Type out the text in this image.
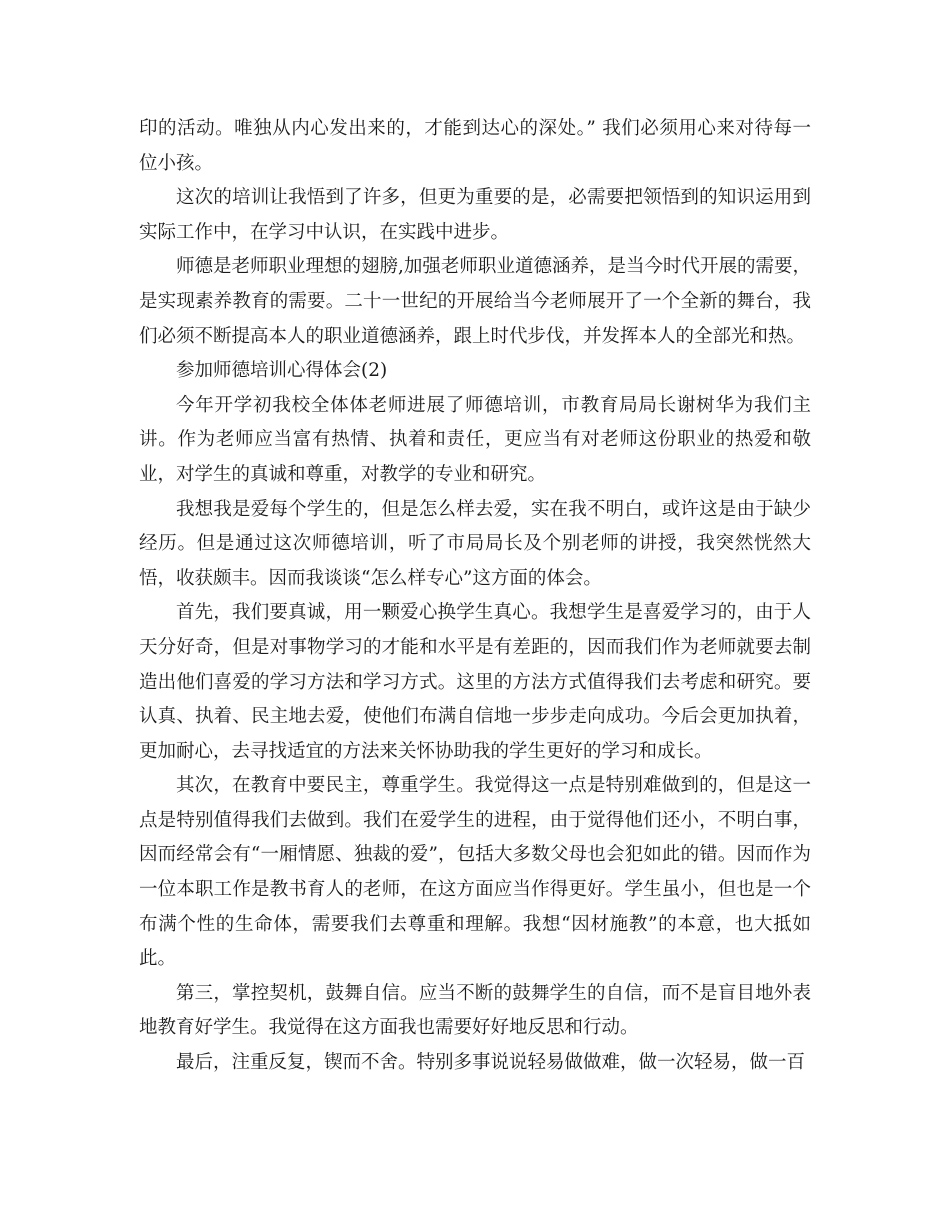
印的活动。唯独从内心发出来的，才能到达心的深处。” 我们必须用心来对待每一位小孩。

这次的培训让我悟到了许多，但更为重要的是，必需要把领悟到的知识运用到实际工作中，在学习中认识，在实践中进步。

师德是老师职业理想的翅膀,加强老师职业道德涵养，是当今时代开展的需要，是实现素养教育的需要。二十一世纪的开展给当今老师展开了一个全新的舞台，我们必须不断提高本人的职业道德涵养，跟上时代步伐，并发挥本人的全部光和热。

参加师德培训心得体会(2)

今年开学初我校全体体老师进展了师德培训，市教育局局长谢树华为我们主讲。作为老师应当富有热情、执着和责任，更应当有对老师这份职业的热爱和敬业，对学生的真诚和尊重，对教学的专业和研究。

我想我是爱每个学生的，但是怎么样去爱，实在我不明白，或许这是由于缺少经历。但是通过这次师德培训，听了市局局长及个别老师的讲授，我突然恍然大悟，收获颇丰。因而我谈谈“怎么样专心”这方面的体会。

首先，我们要真诚，用一颗爱心换学生真心。我想学生是喜爱学习的，由于人天分好奇，但是对事物学习的才能和水平是有差距的，因而我们作为老师就要去制造出他们喜爱的学习方法和学习方式。这里的方法方式值得我们去考虑和研究。要认真、执着、民主地去爱，使他们布满自信地一步步走向成功。今后会更加执着，更加耐心，去寻找适宜的方法来关怀协助我的学生更好的学习和成长。

其次，在教育中要民主，尊重学生。我觉得这一点是特别难做到的，但是这一点是特别值得我们去做到。我们在爱学生的进程，由于觉得他们还小，不明白事，因而经常会有“一厢情愿、独裁的爱”，包括大多数父母也会犯如此的错。因而作为一位本职工作是教书育人的老师，在这方面应当作得更好。学生虽小，但也是一个布满个性的生命体，需要我们去尊重和理解。我想“因材施教”的本意，也大抵如此。

第三，掌控契机，鼓舞自信。应当不断的鼓舞学生的自信，而不是盲目地外表地教育好学生。我觉得在这方面我也需要好好地反思和行动。

最后，注重反复，锲而不舍。特别多事说说轻易做做难，做一次轻易，做一百
